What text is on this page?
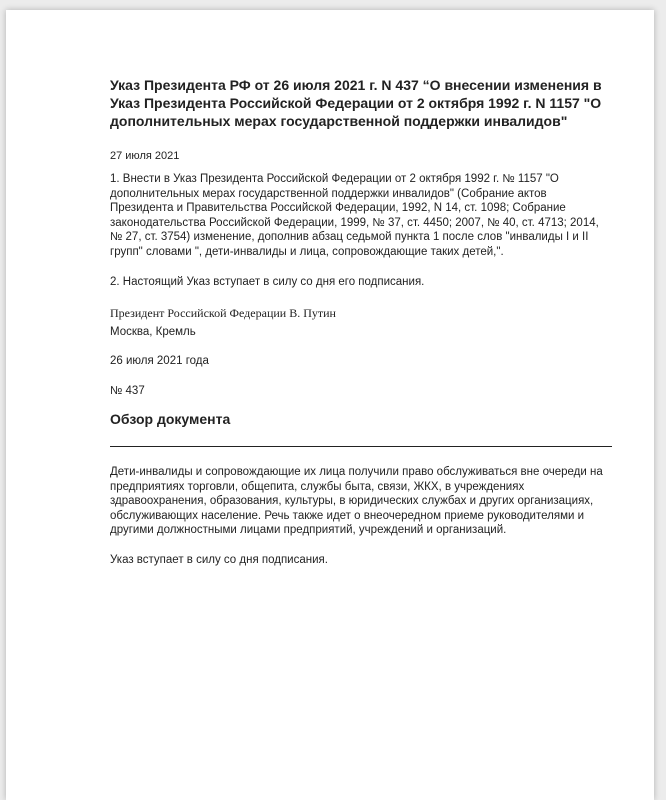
Указ Президента РФ от 26 июля 2021 г. N 437 “О внесении изменения в Указ Президента Российской Федерации от 2 октября 1992 г. N 1157 "О дополнительных мерах государственной поддержки инвалидов"
27 июля 2021

1. Внести в Указ Президента Российской Федерации от 2 октября 1992 г. № 1157 "О дополнительных мерах государственной поддержки инвалидов" (Собрание актов Президента и Правительства Российской Федерации, 1992, N 14, ст. 1098; Собрание законодательства Российской Федерации, 1999, № 37, ст. 4450; 2007, № 40, ст. 4713; 2014, № 27, ст. 3754) изменение, дополнив абзац седьмой пункта 1 после слов "инвалиды I и II групп" словами ", дети-инвалиды и лица, сопровождающие таких детей,".

2. Настоящий Указ вступает в силу со дня его подписания.

Президент Российской Федерации В. Путин

Москва, Кремль

26 июля 2021 года

№ 437

Обзор документа

Дети-инвалиды и сопровождающие их лица получили право обслуживаться вне очереди на предприятиях торговли, общепита, службы быта, связи, ЖКХ, в учреждениях здравоохранения, образования, культуры, в юридических службах и других организациях, обслуживающих население. Речь также идет о внеочередном приеме руководителями и другими должностными лицами предприятий, учреждений и организаций.

Указ вступает в силу со дня подписания.
